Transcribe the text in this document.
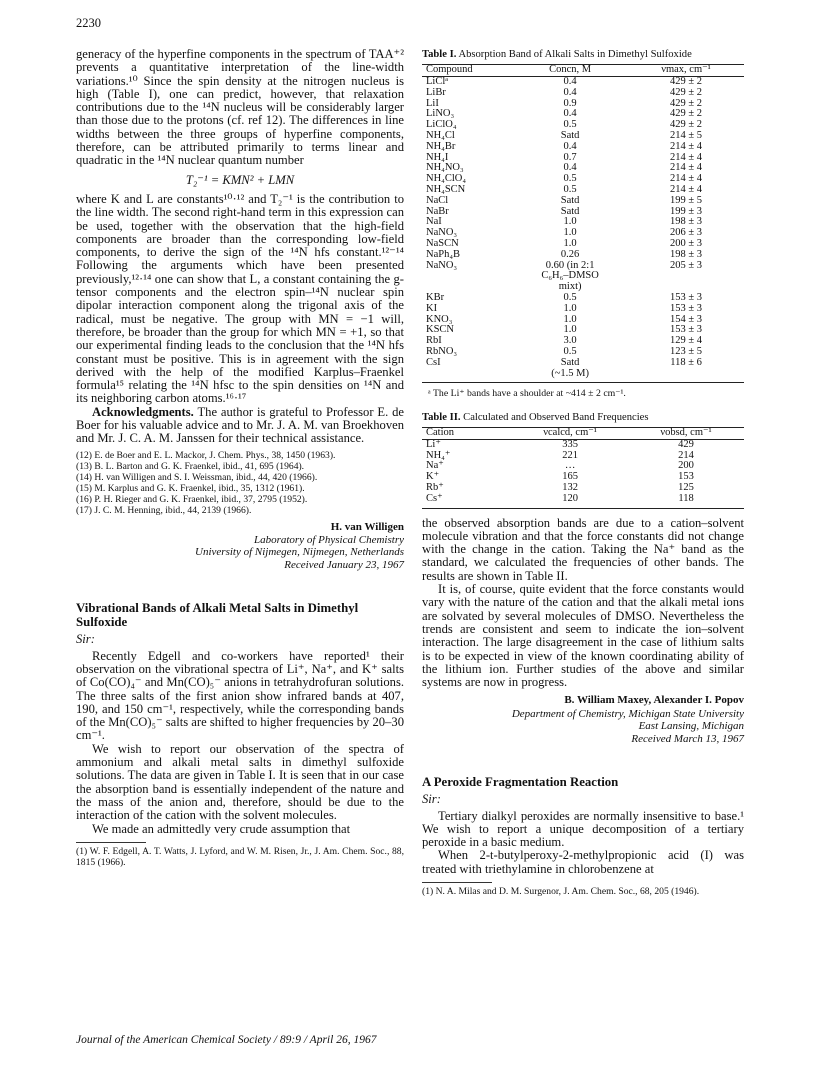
2230

generacy of the hyperfine components in the spectrum of TAA⁺² prevents a quantitative interpretation of the line-width variations.¹⁰ Since the spin density at the nitrogen nucleus is high (Table I), one can predict, however, that relaxation contributions due to the ¹⁴N nucleus will be considerably larger than those due to the protons (cf. ref 12). The differences in line widths between the three groups of hyperfine components, therefore, can be attributed primarily to terms linear and quadratic in the ¹⁴N nuclear quantum number

T₂⁻¹ = KMN² + LMN

where K and L are constants¹⁰·¹² and T₂⁻¹ is the contribution to the line width. The second right-hand term in this expression can be used, together with the observation that the high-field components are broader than the corresponding low-field components, to derive the sign of the ¹⁴N hfs constant.¹²⁻¹⁴ Following the arguments which have been presented previously,¹²·¹⁴ one can show that L, a constant containing the g-tensor components and the electron spin–¹⁴N nuclear spin dipolar interaction component along the trigonal axis of the radical, must be negative. The group with MN = −1 will, therefore, be broader than the group for which MN = +1, so that our experimental finding leads to the conclusion that the ¹⁴N hfs constant must be positive. This is in agreement with the sign derived with the help of the modified Karplus–Fraenkel formula¹⁵ relating the ¹⁴N hfsc to the spin densities on ¹⁴N and its neighboring carbon atoms.¹⁶·¹⁷

Acknowledgments. The author is grateful to Professor E. de Boer for his valuable advice and to Mr. J. A. M. van Broekhoven and Mr. J. C. A. M. Janssen for their technical assistance.

(12) E. de Boer and E. L. Mackor, J. Chem. Phys., 38, 1450 (1963).
(13) B. L. Barton and G. K. Fraenkel, ibid., 41, 695 (1964).
(14) H. van Willigen and S. I. Weissman, ibid., 44, 420 (1966).
(15) M. Karplus and G. K. Fraenkel, ibid., 35, 1312 (1961).
(16) P. H. Rieger and G. K. Fraenkel, ibid., 37, 2795 (1952).
(17) J. C. M. Henning, ibid., 44, 2139 (1966).
H. van Willigen
Laboratory of Physical Chemistry
University of Nijmegen, Nijmegen, Netherlands
Received January 23, 1967
Vibrational Bands of Alkali Metal Salts in Dimethyl Sulfoxide
Sir:

Recently Edgell and co-workers have reported¹ their observation on the vibrational spectra of Li⁺, Na⁺, and K⁺ salts of Co(CO)₄⁻ and Mn(CO)₅⁻ anions in tetrahydrofuran solutions. The three salts of the first anion show infrared bands at 407, 190, and 150 cm⁻¹, respectively, while the corresponding bands of the Mn(CO)₅⁻ salts are shifted to higher frequencies by 20–30 cm⁻¹.

We wish to report our observation of the spectra of ammonium and alkali metal salts in dimethyl sulfoxide solutions. The data are given in Table I. It is seen that in our case the absorption band is essentially independent of the nature and the mass of the anion and, therefore, should be due to the interaction of the cation with the solvent molecules.

We made an admittedly very crude assumption that

(1) W. F. Edgell, A. T. Watts, J. Lyford, and W. M. Risen, Jr., J. Am. Chem. Soc., 88, 1815 (1966).
Table I. Absorption Band of Alkali Salts in Dimethyl Sulfoxide
Compound	Concn, M	νmax, cm⁻¹
LiClᵃ	0.4	429 ± 2
LiBr	0.4	429 ± 2
LiI	0.9	429 ± 2
LiNO₃	0.4	429 ± 2
LiClO₄	0.5	429 ± 2
NH₄Cl	Satd	214 ± 5
NH₄Br	0.4	214 ± 4
NH₄I	0.7	214 ± 4
NH₄NO₃	0.4	214 ± 4
NH₄ClO₄	0.5	214 ± 4
NH₄SCN	0.5	214 ± 4
NaCl	Satd	199 ± 5
NaBr	Satd	199 ± 3
NaI	1.0	198 ± 3
NaNO₃	1.0	206 ± 3
NaSCN	1.0	200 ± 3
NaPh₄B	0.26	198 ± 3
NaNO₃	0.60 (in 2:1	205 ± 3
	C₆H₆–DMSO	
	mixt)	
KBr	0.5	153 ± 3
KI	1.0	153 ± 3
KNO₃	1.0	154 ± 3
KSCN	1.0	153 ± 3
RbI	3.0	129 ± 4
RbNO₃	0.5	123 ± 5
CsI	Satd	118 ± 6
	(~1.5 M)	
ᵃ The Li⁺ bands have a shoulder at ~414 ± 2 cm⁻¹.
Table II. Calculated and Observed Band Frequencies
Cation	νcalcd, cm⁻¹	νobsd, cm⁻¹
Li⁺	335	429
NH₄⁺	221	214
Na⁺	…	200
K⁺	165	153
Rb⁺	132	125
Cs⁺	120	118

the observed absorption bands are due to a cation–solvent molecule vibration and that the force constants did not change with the change in the cation. Taking the Na⁺ band as the standard, we calculated the frequencies of other bands. The results are shown in Table II.

It is, of course, quite evident that the force constants would vary with the nature of the cation and that the alkali metal ions are solvated by several molecules of DMSO. Nevertheless the trends are consistent and seem to indicate the ion–solvent interaction. The large disagreement in the case of lithium salts is to be expected in view of the known coordinating ability of the lithium ion. Further studies of the above and similar systems are now in progress.

B. William Maxey, Alexander I. Popov
Department of Chemistry, Michigan State University
East Lansing, Michigan
Received March 13, 1967
A Peroxide Fragmentation Reaction
Sir:

Tertiary dialkyl peroxides are normally insensitive to base.¹ We wish to report a unique decomposition of a tertiary peroxide in a basic medium.

When 2-t-butylperoxy-2-methylpropionic acid (I) was treated with triethylamine in chlorobenzene at

(1) N. A. Milas and D. M. Surgenor, J. Am. Chem. Soc., 68, 205 (1946).
Journal of the American Chemical Society / 89:9 / April 26, 1967
